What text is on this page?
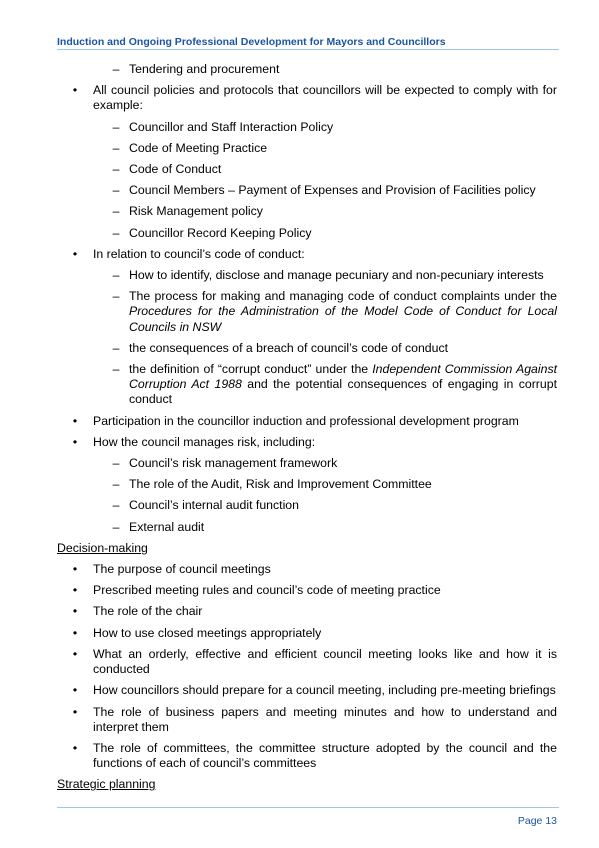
Induction and Ongoing Professional Development for Mayors and Councillors
– Tendering and procurement
•	All council policies and protocols that councillors will be expected to comply with for example:
– Councillor and Staff Interaction Policy
– Code of Meeting Practice
– Code of Conduct
– Council Members – Payment of Expenses and Provision of Facilities policy
– Risk Management policy
– Councillor Record Keeping Policy
•	In relation to council’s code of conduct:
– How to identify, disclose and manage pecuniary and non-pecuniary interests
– The process for making and managing code of conduct complaints under the Procedures for the Administration of the Model Code of Conduct for Local Councils in NSW
– the consequences of a breach of council’s code of conduct
– the definition of “corrupt conduct” under the Independent Commission Against Corruption Act 1988 and the potential consequences of engaging in corrupt conduct
•	Participation in the councillor induction and professional development program
•	How the council manages risk, including:
– Council’s risk management framework
– The role of the Audit, Risk and Improvement Committee
– Council’s internal audit function
– External audit
Decision-making
•	The purpose of council meetings
•	Prescribed meeting rules and council’s code of meeting practice
•	The role of the chair
•	How to use closed meetings appropriately
•	What an orderly, effective and efficient council meeting looks like and how it is conducted
•	How councillors should prepare for a council meeting, including pre-meeting briefings
•	The role of business papers and meeting minutes and how to understand and interpret them
•	The role of committees, the committee structure adopted by the council and the functions of each of council’s committees
Strategic planning
Page 13
